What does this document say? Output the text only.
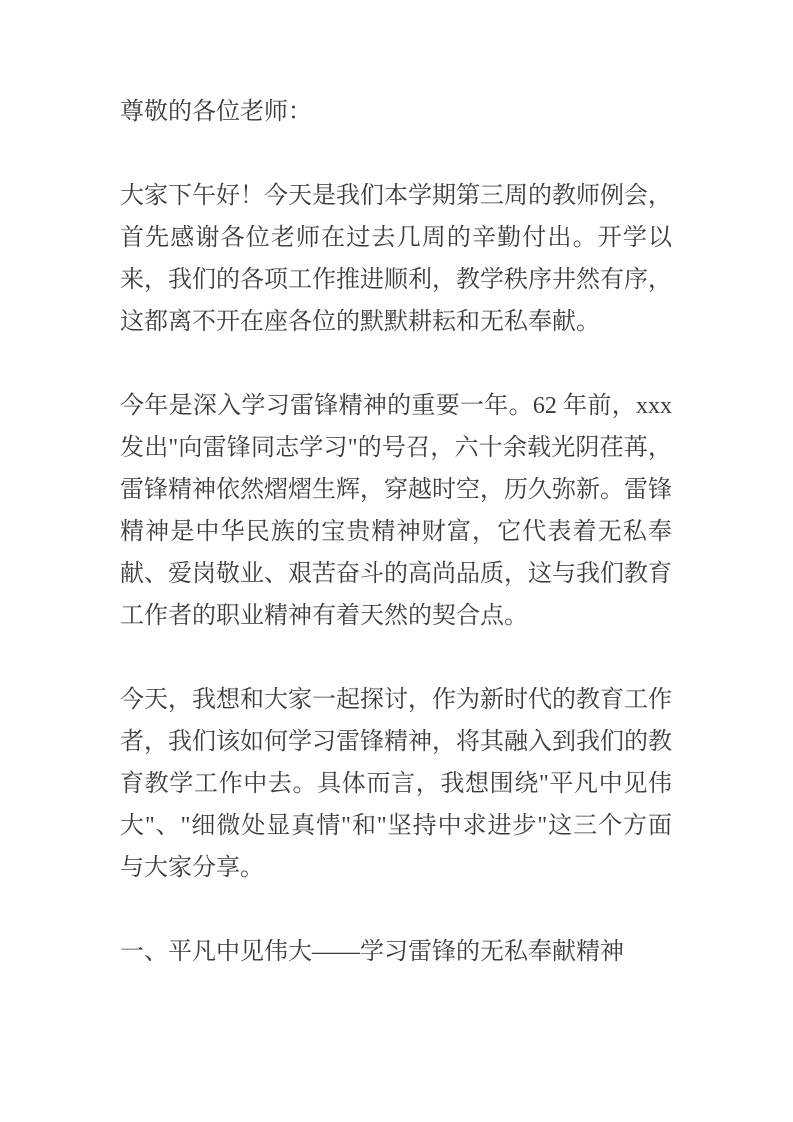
尊敬的各位老师：

大家下午好！今天是我们本学期第三周的教师例会，首先感谢各位老师在过去几周的辛勤付出。开学以来，我们的各项工作推进顺利，教学秩序井然有序，这都离不开在座各位的默默耕耘和无私奉献。

今年是深入学习雷锋精神的重要一年。62 年前，xxx发出"向雷锋同志学习"的号召，六十余载光阴荏苒，雷锋精神依然熠熠生辉，穿越时空，历久弥新。雷锋精神是中华民族的宝贵精神财富，它代表着无私奉献、爱岗敬业、艰苦奋斗的高尚品质，这与我们教育工作者的职业精神有着天然的契合点。

今天，我想和大家一起探讨，作为新时代的教育工作者，我们该如何学习雷锋精神，将其融入到我们的教育教学工作中去。具体而言，我想围绕"平凡中见伟大"、"细微处显真情"和"坚持中求进步"这三个方面与大家分享。

一、平凡中见伟大——学习雷锋的无私奉献精神
